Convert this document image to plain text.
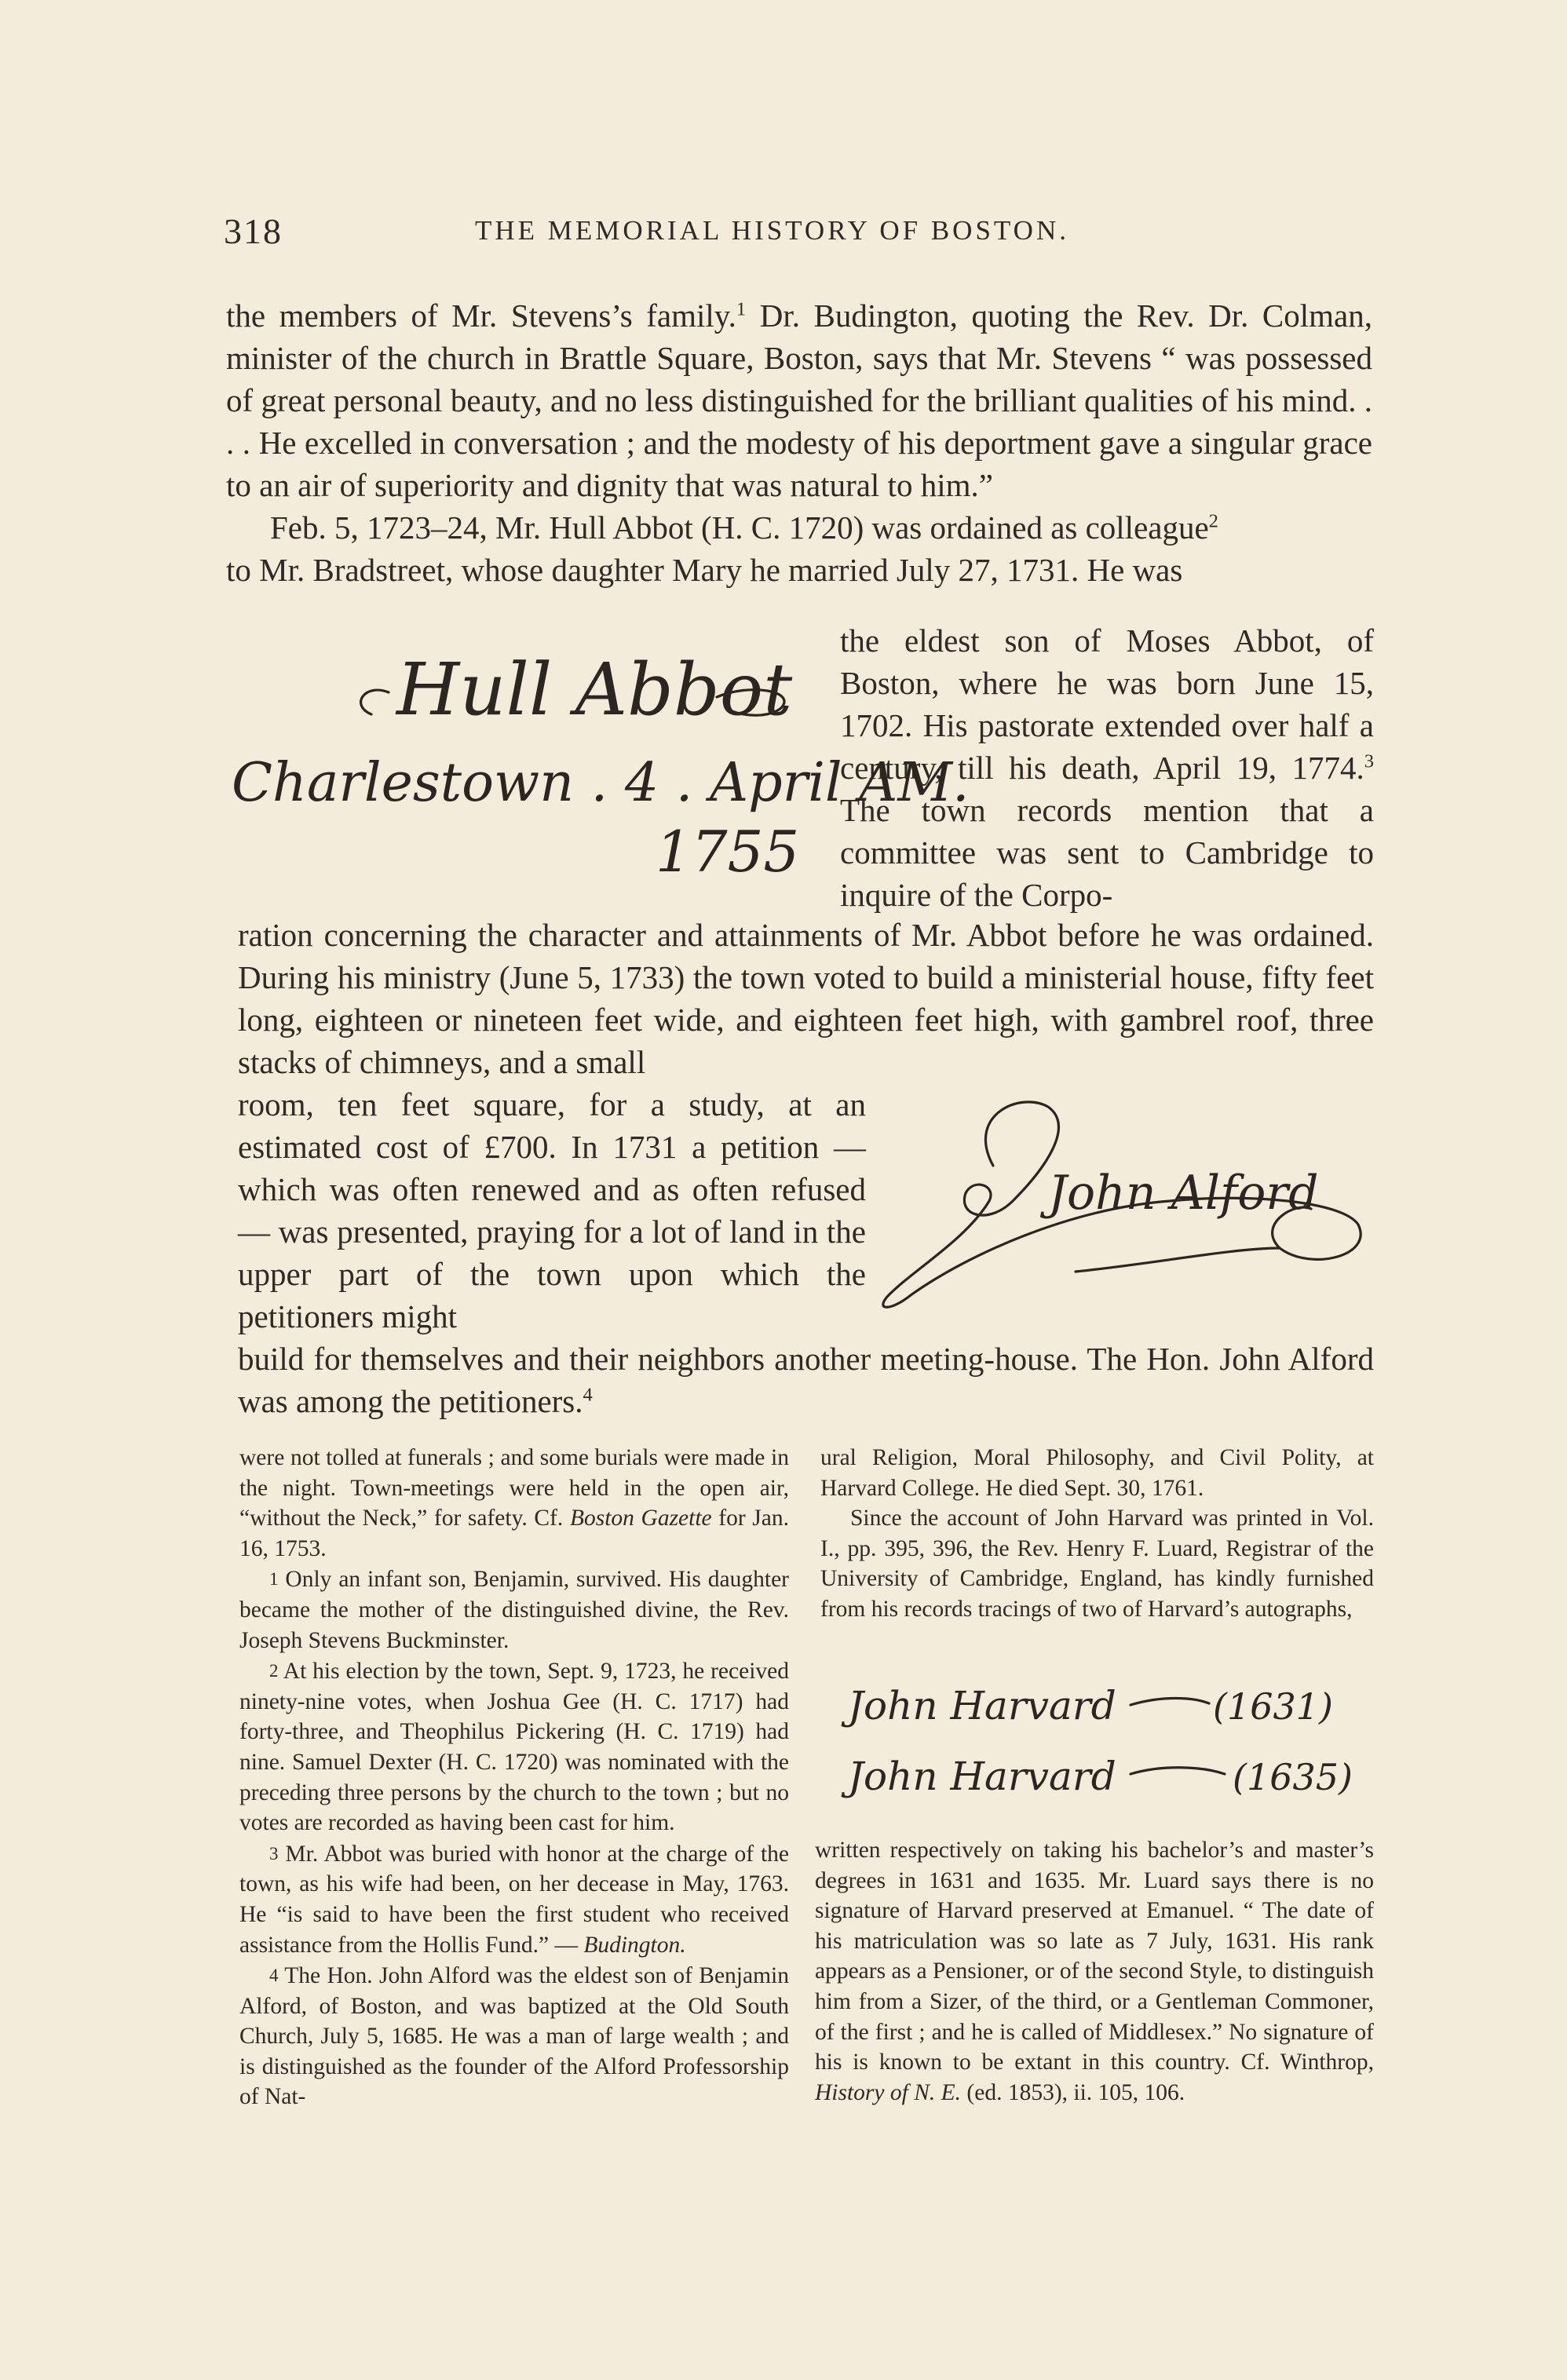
318	THE MEMORIAL HISTORY OF BOSTON.

the members of Mr. Stevens’s family.$^1$ Dr. Budington, quoting the Rev. Dr. Colman, minister of the church in Brattle Square, Boston, says that Mr. Stevens “ was possessed of great personal beauty, and no less distinguished for the brilliant qualities of his mind. . . . He excelled in conversation ; and the modesty of his deportment gave a singular grace to an air of superiority and dignity that was natural to him.”

Feb. 5, 1723–24, Mr. Hull Abbot (H. C. 1720) was ordained as colleague$^2$

to Mr. Bradstreet, whose daughter Mary he married July 27, 1731. He was

the eldest son of Moses Abbot, of Boston, where he was born June 15, 1702. His pastorate extended over half a century, till his death, April 19, 1774.$^3$ The town records mention that a committee was sent to Cambridge to inquire of the Corpo-

Hull Abbot
Charlestown . 4 . April AM.
1755

ration concerning the character and attainments of Mr. Abbot before he was ordained. During his ministry (June 5, 1733) the town voted to build a ministerial house, fifty feet long, eighteen or nineteen feet wide, and eighteen feet high, with gambrel roof, three stacks of chimneys, and a small

room, ten feet square, for a study, at an estimated cost of £700. In 1731 a petition — which was often renewed and as often refused — was presented, praying for a lot of land in the upper part of the town upon which the petitioners might

John Alford

build for themselves and their neighbors another meeting-house. The Hon. John Alford was among the petitioners.$^4$

were not tolled at funerals ; and some burials were made in the night. Town-meetings were held in the open air, “without the Neck,” for safety. Cf. Boston Gazette for Jan. 16, 1753.

1 Only an infant son, Benjamin, survived. His daughter became the mother of the distinguished divine, the Rev. Joseph Stevens Buckminster.

2 At his election by the town, Sept. 9, 1723, he received ninety-nine votes, when Joshua Gee (H. C. 1717) had forty-three, and Theophilus Pickering (H. C. 1719) had nine. Samuel Dexter (H. C. 1720) was nominated with the preceding three persons by the church to the town ; but no votes are recorded as having been cast for him.

3 Mr. Abbot was buried with honor at the charge of the town, as his wife had been, on her decease in May, 1763. He “is said to have been the first student who received assistance from the Hollis Fund.” — Budington.

4 The Hon. John Alford was the eldest son of Benjamin Alford, of Boston, and was baptized at the Old South Church, July 5, 1685. He was a man of large wealth ; and is distinguished as the founder of the Alford Professorship of Nat-

ural Religion, Moral Philosophy, and Civil Polity, at Harvard College. He died Sept. 30, 1761.

Since the account of John Harvard was printed in Vol. I., pp. 395, 396, the Rev. Henry F. Luard, Registrar of the University of Cambridge, England, has kindly furnished from his records tracings of two of Harvard’s autographs,

John Harvard	(1631)
John Harvard	(1635)

written respectively on taking his bachelor’s and master’s degrees in 1631 and 1635. Mr. Luard says there is no signature of Harvard preserved at Emanuel. “ The date of his matriculation was so late as 7 July, 1631. His rank appears as a Pensioner, or of the second Style, to distinguish him from a Sizer, of the third, or a Gentleman Commoner, of the first ; and he is called of Middlesex.” No signature of his is known to be extant in this country. Cf. Winthrop, History of N. E. (ed. 1853), ii. 105, 106.
